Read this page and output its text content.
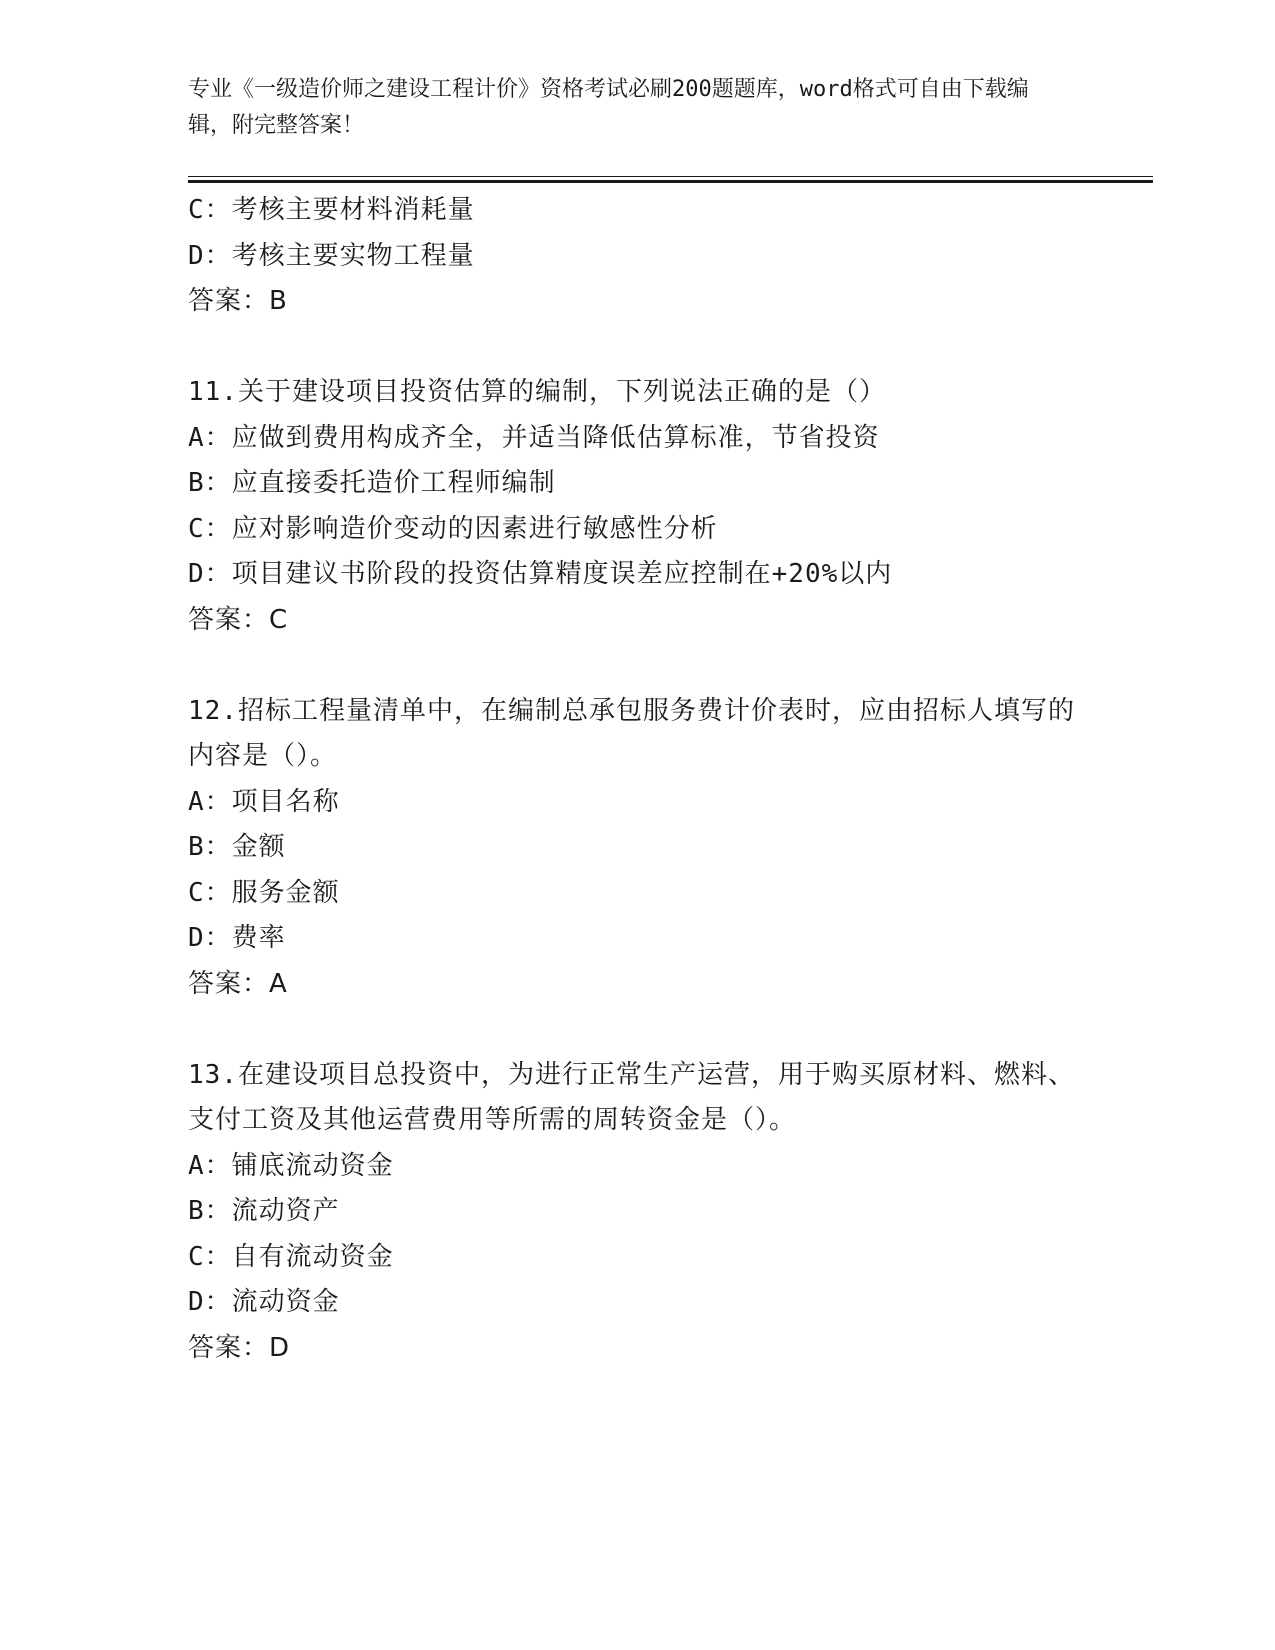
专业《一级造价师之建设工程计价》资格考试必刷200题题库，word格式可自由下载编辑，附完整答案！
C：考核主要材料消耗量
D：考核主要实物工程量
答案：B
11.关于建设项目投资估算的编制，下列说法正确的是（）
A：应做到费用构成齐全，并适当降低估算标准，节省投资
B：应直接委托造价工程师编制
C：应对影响造价变动的因素进行敏感性分析
D：项目建议书阶段的投资估算精度误差应控制在+20%以内
答案：C
12.招标工程量清单中，在编制总承包服务费计价表时，应由招标人填写的内容是（）。
A：项目名称
B：金额
C：服务金额
D：费率
答案：A
13.在建设项目总投资中，为进行正常生产运营，用于购买原材料、燃料、支付工资及其他运营费用等所需的周转资金是（）。
A：铺底流动资金
B：流动资产
C：自有流动资金
D：流动资金
答案：D
